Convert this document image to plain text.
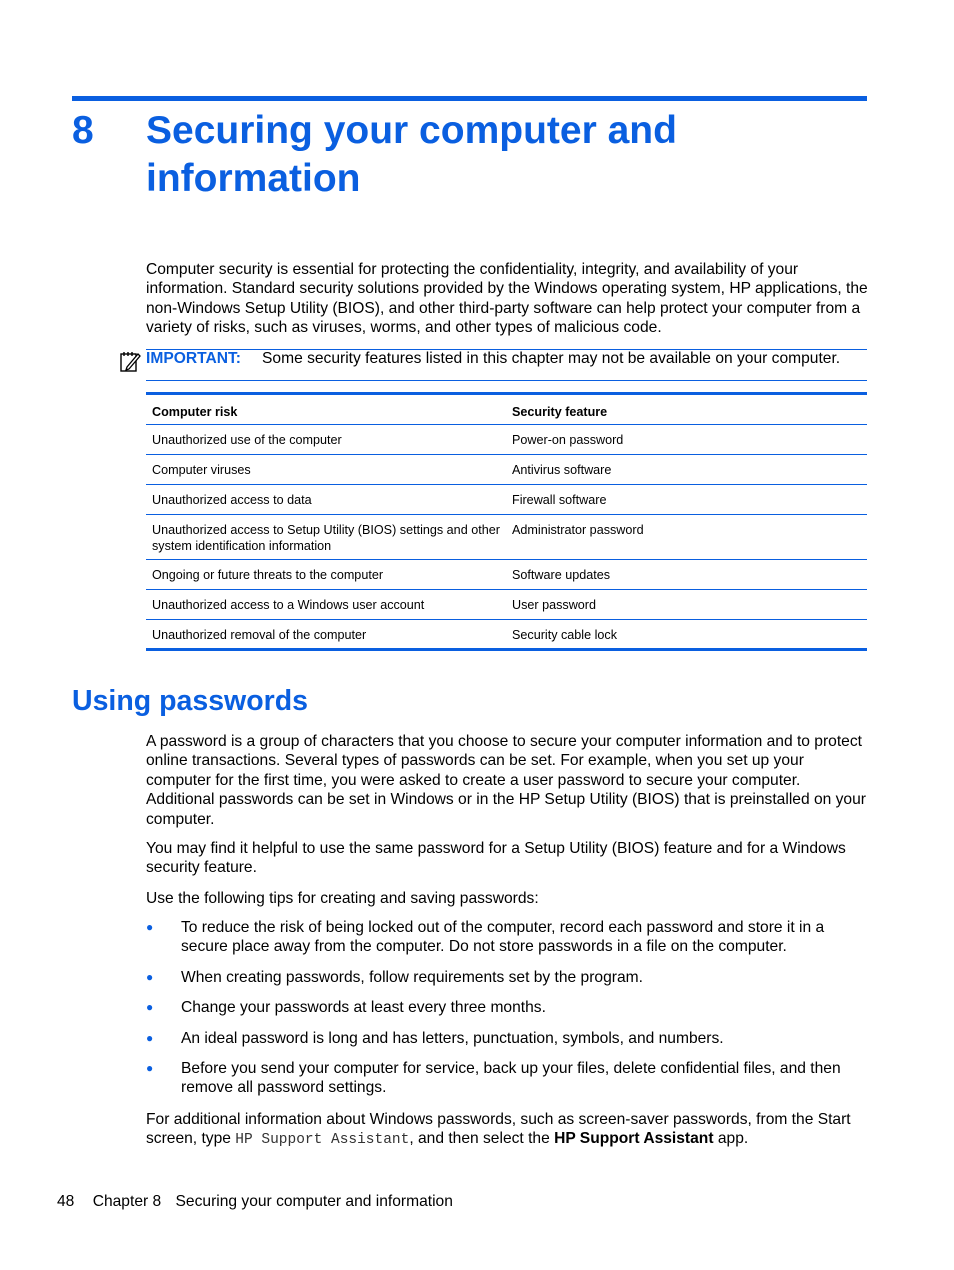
8 Securing your computer and information
Computer security is essential for protecting the confidentiality, integrity, and availability of your information. Standard security solutions provided by the Windows operating system, HP applications, the non-Windows Setup Utility (BIOS), and other third-party software can help protect your computer from a variety of risks, such as viruses, worms, and other types of malicious code.
IMPORTANT: Some security features listed in this chapter may not be available on your computer.
Computer risk	Security feature
Unauthorized use of the computer	Power-on password
Computer viruses	Antivirus software
Unauthorized access to data	Firewall software
Unauthorized access to Setup Utility (BIOS) settings and other system identification information	Administrator password
Ongoing or future threats to the computer	Software updates
Unauthorized access to a Windows user account	User password
Unauthorized removal of the computer	Security cable lock
Using passwords
A password is a group of characters that you choose to secure your computer information and to protect online transactions. Several types of passwords can be set. For example, when you set up your computer for the first time, you were asked to create a user password to secure your computer. Additional passwords can be set in Windows or in the HP Setup Utility (BIOS) that is preinstalled on your computer.
You may find it helpful to use the same password for a Setup Utility (BIOS) feature and for a Windows security feature.
Use the following tips for creating and saving passwords:
● To reduce the risk of being locked out of the computer, record each password and store it in a secure place away from the computer. Do not store passwords in a file on the computer.
● When creating passwords, follow requirements set by the program.
● Change your passwords at least every three months.
● An ideal password is long and has letters, punctuation, symbols, and numbers.
● Before you send your computer for service, back up your files, delete confidential files, and then remove all password settings.
For additional information about Windows passwords, such as screen-saver passwords, from the Start screen, type HP Support Assistant, and then select the HP Support Assistant app.
48 Chapter 8 Securing your computer and information
